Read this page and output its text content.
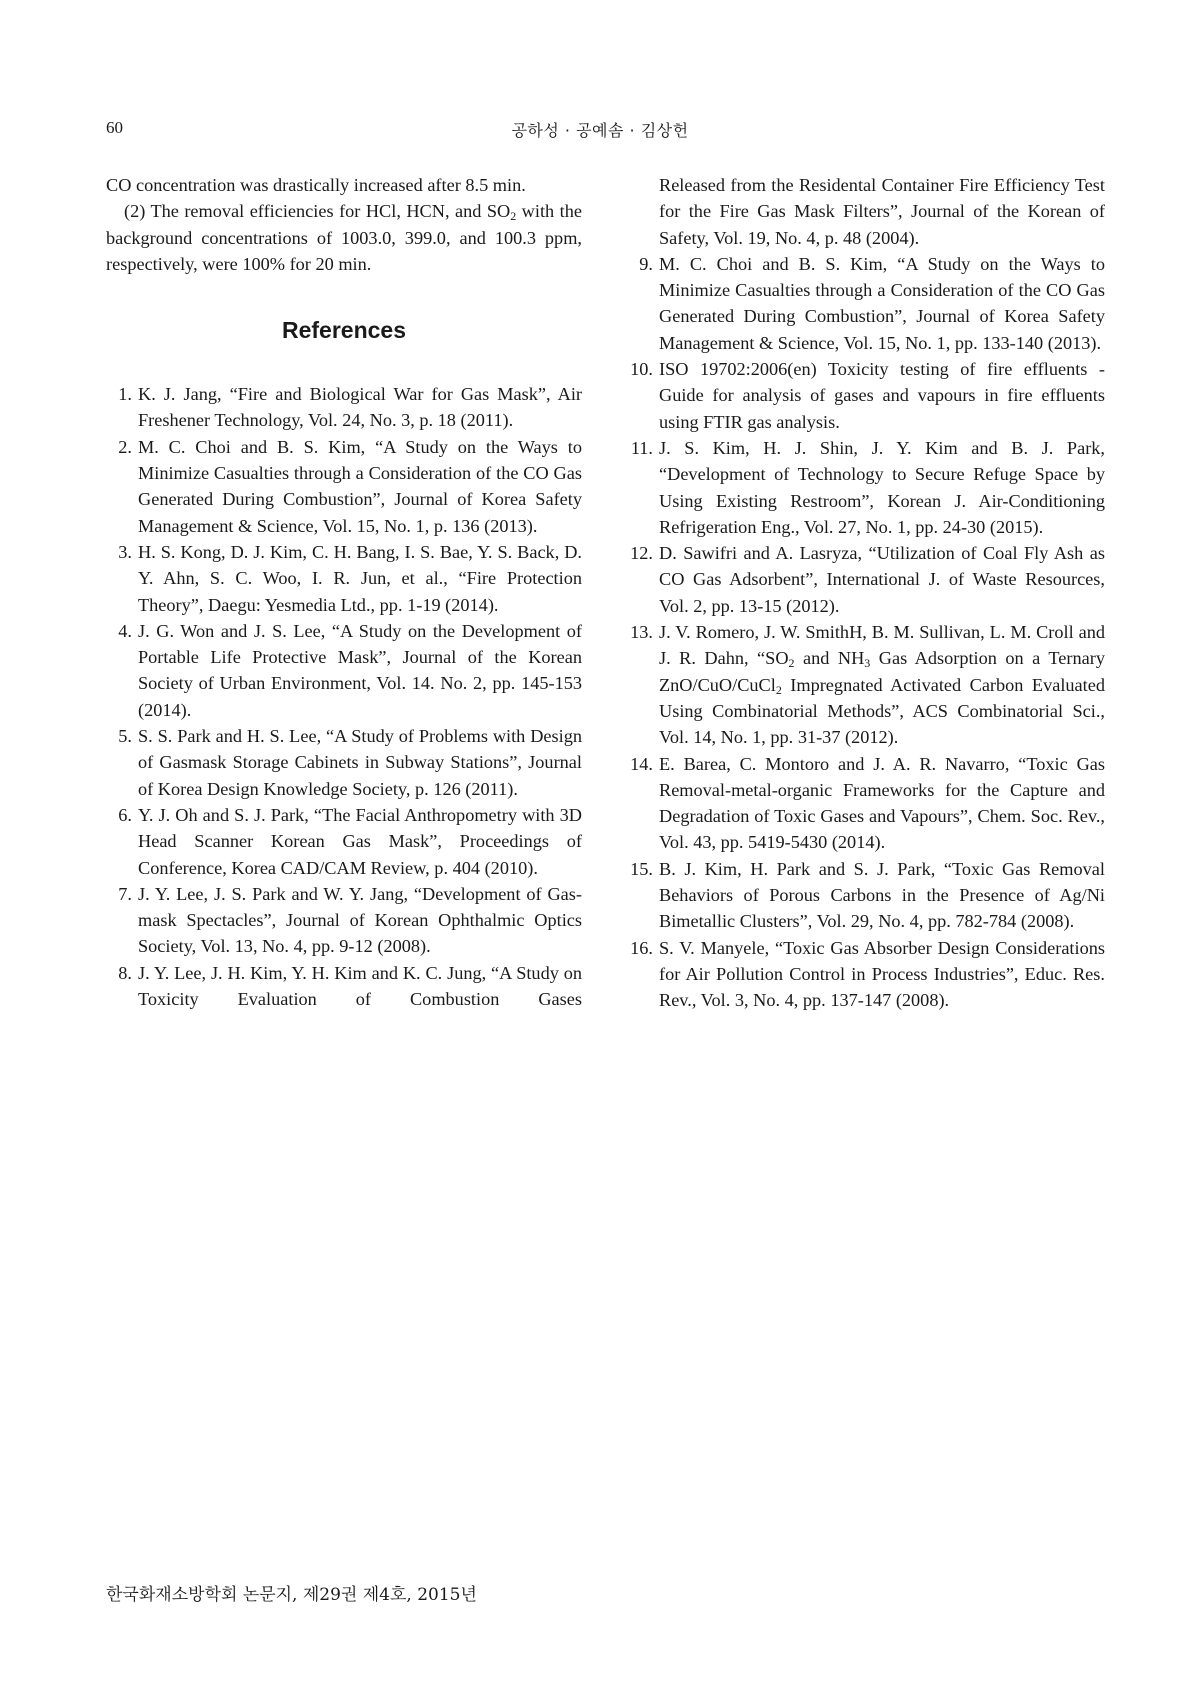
60	공하성 · 공예솜 · 김상헌

CO concentration was drastically increased after 8.5 min.

(2) The removal efficiencies for HCl, HCN, and $SO_2$ with the background concentrations of 1003.0, 399.0, and 100.3 ppm, respectively, were 100% for 20 min.

References
1. K. J. Jang, “Fire and Biological War for Gas Mask”, Air Freshener Technology, Vol. 24, No. 3, p. 18 (2011).
2. M. C. Choi and B. S. Kim, “A Study on the Ways to Minimize Casualties through a Consideration of the CO Gas Generated During Combustion”, Journal of Korea Safety Management & Science, Vol. 15, No. 1, p. 136 (2013).
3. H. S. Kong, D. J. Kim, C. H. Bang, I. S. Bae, Y. S. Back, D. Y. Ahn, S. C. Woo, I. R. Jun, et al., “Fire Protection Theory”, Daegu: Yesmedia Ltd., pp. 1-19 (2014).
4. J. G. Won and J. S. Lee, “A Study on the Development of Portable Life Protective Mask”, Journal of the Korean Society of Urban Environment, Vol. 14. No. 2, pp. 145-153 (2014).
5. S. S. Park and H. S. Lee, “A Study of Problems with Design of Gasmask Storage Cabinets in Subway Stations”, Journal of Korea Design Knowledge Society, p. 126 (2011).
6. Y. J. Oh and S. J. Park, “The Facial Anthropometry with 3D Head Scanner Korean Gas Mask”, Proceedings of Conference, Korea CAD/CAM Review, p. 404 (2010).
7. J. Y. Lee, J. S. Park and W. Y. Jang, “Development of Gas-mask Spectacles”, Journal of Korean Ophthalmic Optics Society, Vol. 13, No. 4, pp. 9-12 (2008).
8. J. Y. Lee, J. H. Kim, Y. H. Kim and K. C. Jung, “A Study on Toxicity Evaluation of Combustion Gases
Released from the Residental Container Fire Efficiency Test for the Fire Gas Mask Filters”, Journal of the Korean of Safety, Vol. 19, No. 4, p. 48 (2004).
9. M. C. Choi and B. S. Kim, “A Study on the Ways to Minimize Casualties through a Consideration of the CO Gas Generated During Combustion”, Journal of Korea Safety Management & Science, Vol. 15, No. 1, pp. 133-140 (2013).
10. ISO 19702:2006(en) Toxicity testing of fire effluents - Guide for analysis of gases and vapours in fire effluents using FTIR gas analysis.
11. J. S. Kim, H. J. Shin, J. Y. Kim and B. J. Park, “Development of Technology to Secure Refuge Space by Using Existing Restroom”, Korean J. Air-Conditioning Refrigeration Eng., Vol. 27, No. 1, pp. 24-30 (2015).
12. D. Sawifri and A. Lasryza, “Utilization of Coal Fly Ash as CO Gas Adsorbent”, International J. of Waste Resources, Vol. 2, pp. 13-15 (2012).
13. J. V. Romero, J. W. SmithH, B. M. Sullivan, L. M. Croll and J. R. Dahn, “$SO_2$ and $NH_3$ Gas Adsorption on a Ternary ZnO/CuO/CuCl$_2$ Impregnated Activated Carbon Evaluated Using Combinatorial Methods”, ACS Combinatorial Sci., Vol. 14, No. 1, pp. 31-37 (2012).
14. E. Barea, C. Montoro and J. A. R. Navarro, “Toxic Gas Removal-metal-organic Frameworks for the Capture and Degradation of Toxic Gases and Vapours”, Chem. Soc. Rev., Vol. 43, pp. 5419-5430 (2014).
15. B. J. Kim, H. Park and S. J. Park, “Toxic Gas Removal Behaviors of Porous Carbons in the Presence of Ag/Ni Bimetallic Clusters”, Vol. 29, No. 4, pp. 782-784 (2008).
16. S. V. Manyele, “Toxic Gas Absorber Design Considerations for Air Pollution Control in Process Industries”, Educ. Res. Rev., Vol. 3, No. 4, pp. 137-147 (2008).
한국화재소방학회 논문지, 제29권 제4호, 2015년
